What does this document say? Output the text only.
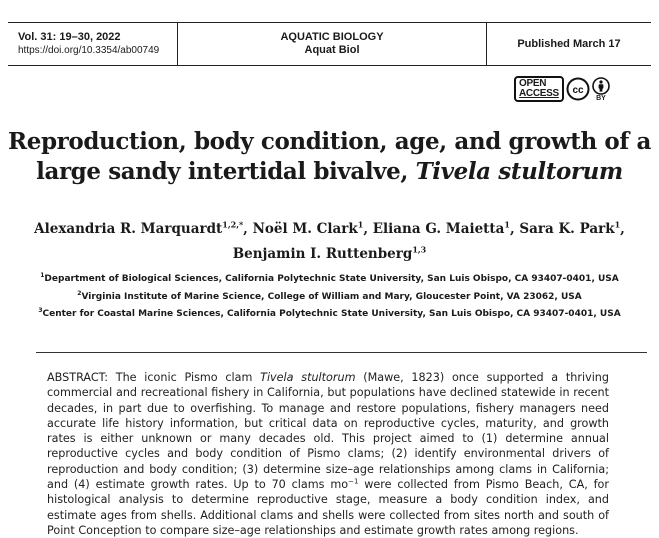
Vol. 31: 19–30, 2022
https://doi.org/10.3354/ab00749
AQUATIC BIOLOGY
Aquat Biol
Published March 17
OPEN
ACCESS	cc
BY
Reproduction, body condition, age, and growth of a
large sandy intertidal bivalve, Tivela stultorum
Alexandria R. Marquardt$^{1,2,*}$, Noël M. Clark$^1$, Eliana G. Maietta$^1$, Sara K. Park$^1$,
Benjamin I. Ruttenberg$^{1,3}$
$^1$Department of Biological Sciences, California Polytechnic State University, San Luis Obispo, CA 93407-0401, USA
$^2$Virginia Institute of Marine Science, College of William and Mary, Gloucester Point, VA 23062, USA
$^3$Center for Coastal Marine Sciences, California Polytechnic State University, San Luis Obispo, CA 93407-0401, USA
ABSTRACT: The iconic Pismo clam Tivela stultorum (Mawe, 1823) once supported a thriving commercial and recreational fishery in California, but populations have declined statewide in recent decades, in part due to overfishing. To manage and restore populations, fishery managers need accurate life history information, but critical data on reproductive cycles, maturity, and growth rates is either unknown or many decades old. This project aimed to (1) determine annual reproductive cycles and body condition of Pismo clams; (2) identify environmental drivers of reproduction and body condition; (3) determine size–age relationships among clams in California; and (4) estimate growth rates. Up to 70 clams $mo^{-1}$ were collected from Pismo Beach, CA, for histological analysis to determine reproductive stage, measure a body condition index, and estimate ages from shells. Additional clams and shells were collected from sites north and south of Point Conception to compare size–age relationships and estimate growth rates among regions.
